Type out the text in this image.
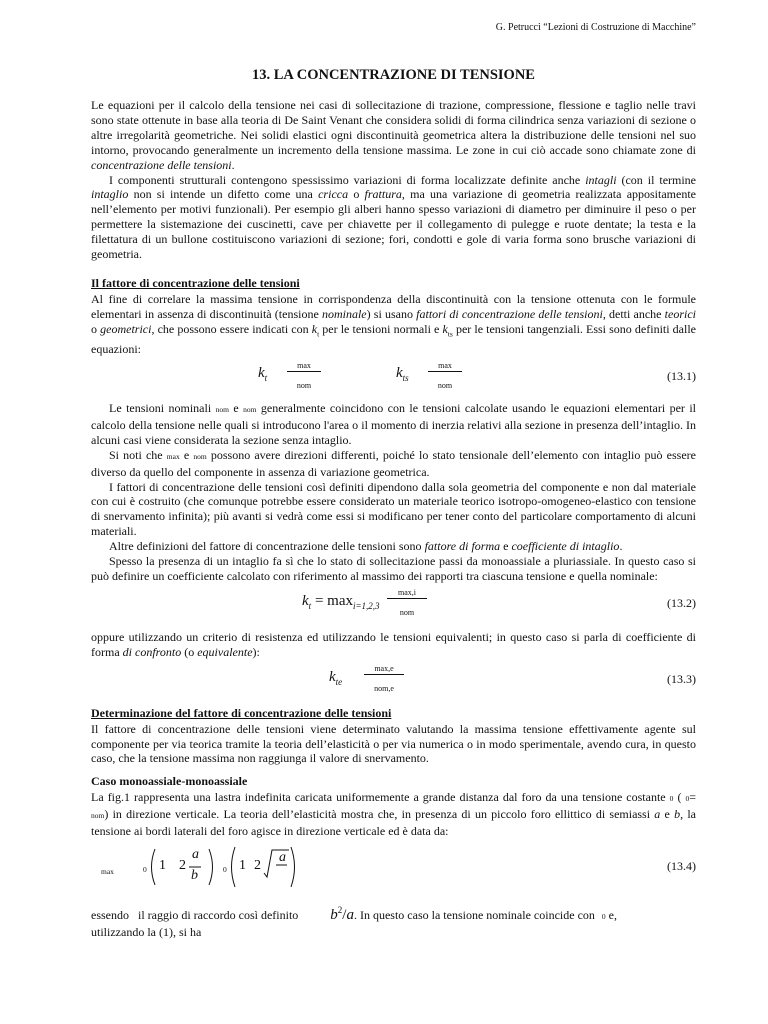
G. Petrucci “Lezioni di Costruzione di Macchine”
13. LA CONCENTRAZIONE DI TENSIONE

Le equazioni per il calcolo della tensione nei casi di sollecitazione di trazione, compressione, flessione e taglio nelle travi sono state ottenute in base alla teoria di De Saint Venant che considera solidi di forma cilindrica senza variazioni di sezione o altre irregolarità geometriche. Nei solidi elastici ogni discontinuità geometrica altera la distribuzione delle tensioni nel suo intorno, provocando generalmente un incremento della tensione massima. Le zone in cui ciò accade sono chiamate zone di concentrazione delle tensioni.

I componenti strutturali contengono spessissimo variazioni di forma localizzate definite anche intagli (con il termine intaglio non si intende un difetto come una cricca o frattura, ma una variazione di geometria realizzata appositamente nell’elemento per motivi funzionali). Per esempio gli alberi hanno spesso variazioni di diametro per diminuire il peso o per permettere la sistemazione dei cuscinetti, cave per chiavette per il collegamento di pulegge e ruote dentate; la testa e la filettatura di un bullone costituiscono variazioni di sezione; fori, condotti e gole di varia forma sono brusche variazioni di geometria.

Il fattore di concentrazione delle tensioni

Al fine di correlare la massima tensione in corrispondenza della discontinuità con la tensione ottenuta con le formule elementari in assenza di discontinuità (tensione nominale) si usano fattori di concentrazione delle tensioni, detti anche teorici o geometrici, che possono essere indicati con $k_t$ per le tensioni normali e $k_{ts}$ per le tensioni tangenziali. Essi sono definiti dalle equazioni:

$k_t$
max
nom
$k_{ts}$
max
nom
(13.1)

Le tensioni nominali nom e nom generalmente coincidono con le tensioni calcolate usando le equazioni elementari per il calcolo della tensione nelle quali si introducono l'area o il momento di inerzia relativi alla sezione in presenza dell’intaglio. In alcuni casi viene considerata la sezione senza intaglio.

Si noti che max e nom possono avere direzioni differenti, poiché lo stato tensionale dell’elemento con intaglio può essere diverso da quello del componente in assenza di variazione geometrica.

I fattori di concentrazione delle tensioni così definiti dipendono dalla sola geometria del componente e non dal materiale con cui è costruito (che comunque potrebbe essere considerato un materiale teorico isotropo-omogeneo-elastico con tensione di snervamento infinita); più avanti si vedrà come essi si modificano per tener conto del particolare comportamento di alcuni materiali.

Altre definizioni del fattore di concentrazione delle tensioni sono fattore di forma e coefficiente di intaglio.

Spesso la presenza di un intaglio fa sì che lo stato di sollecitazione passi da monoassiale a pluriassiale. In questo caso si può definire un coefficiente calcolato con riferimento al massimo dei rapporti tra ciascuna tensione e quella nominale:

$k_t = \max_{i=1,2,3}$
max,i
nom
(13.2)

oppure utilizzando un criterio di resistenza ed utilizzando le tensioni equivalenti; in questo caso si parla di coefficiente di forma di confronto (o equivalente):

$k_{te}$
max,e
nom,e
(13.3)
Determinazione del fattore di concentrazione delle tensioni

Il fattore di concentrazione delle tensioni viene determinato valutando la massima tensione effettivamente agente sul componente per via teorica tramite la teoria dell’elasticità o per via numerica o in modo sperimentale, avendo cura, in questo caso, che la tensione massima non raggiunga il valore di snervamento.

Caso monoassiale-monoassiale

La fig.1 rappresenta una lastra indefinita caricata uniformemente a grande distanza dal foro da una tensione costante 0 ( 0= nom) in direzione verticale. La teoria dell’elasticità mostra che, in presenza di un piccolo foro ellittico di semiassi a e b, la tensione ai bordi laterali del foro agisce in direzione verticale ed è data da:

max	0 1 2
a
b	0 1 2
a
(13.4)

essendo il raggio di raccordo così definito $b^2/a$. In questo caso la tensione nominale coincide con 0 e,

utilizzando la (1), si ha
